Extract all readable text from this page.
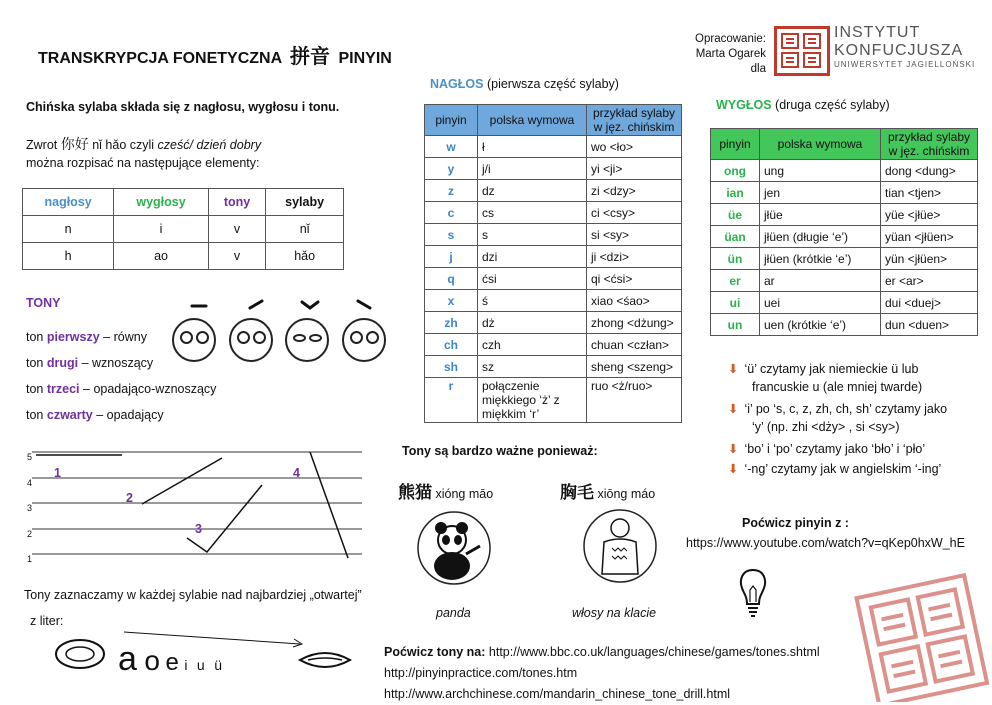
TRANSKRYPCJA FONETYCZNA 拼音 PINYIN
Opracowanie:
Marta Ogarek dla
INSTYTUT
KONFUCJUSZA
UNIWERSYTET JAGIELLOŃSKI
Chińska sylaba składa się z nagłosu, wygłosu i tonu.
Zwrot 你好 nǐ hǎo czyli cześć/ dzień dobry
można rozpisać na następujące elementy:
nagłosy	wygłosy	tony	sylaby
n	i	v	nǐ
h	ao	v	hǎo
TONY
ton pierwszy – równy
ton drugi – wznoszący
ton trzeci – opadająco-wznoszący
ton czwarty – opadający
5
4
3
2
1
1
2
3
4
Tony zaznaczamy w każdej sylabie nad najbardziej „otwartej”
z liter:
a o e i u ü
NAGŁOS (pierwsza część sylaby)
pinyin	polska wymowa	przykład sylaby w jęz. chińskim
w	ł	wo <ło>
y	j/i	yi <ji>
z	dz	zi <dzy>
c	cs	ci <csy>
s	s	si <sy>
j	dzi	ji <dzi>
q	ćsi	qi <ćsi>
x	ś	xiao <śao>
zh	dż	zhong <dżung>
ch	czh	chuan <człan>
sh	sz	sheng <szeng>
r	połączenie miękkiego ‘ż’ z miękkim ‘r’	ruo <ż/ruo>
WYGŁOS (druga część sylaby)
pinyin	polska wymowa	przykład sylaby w jęz. chińskim
ong	ung	dong <dung>
ian	jen	tian <tjen>
üe	jłüe	yüe <jłüe>
üan	jłüen (długie ‘e’)	yüan <jłüen>
ün	jłüen (krótkie ‘e’)	yün <jłüen>
er	ar	er <ar>
ui	uei	dui <duej>
un	uen (krótkie ‘e’)	dun <duen>
⬇ ‘ü’ czytamy jak niemieckie ü lub
francuskie u (ale mniej twarde)
⬇ ‘i’ po ‘s, c, z, zh, ch, sh’ czytamy jako
‘y’ (np. zhi <dży> , si <sy>)
⬇ ‘bo’ i ‘po’ czytamy jako ‘bło’ i ‘pło’
⬇ ‘-ng’ czytamy jak w angielskim ‘-ing’
Tony są bardzo ważne ponieważ:
熊猫 xióng māo	胸毛 xiōng máo
panda	włosy na klacie
Poćwicz pinyin z :
https://www.youtube.com/watch?v=qKep0hxW_hE
Poćwicz tony na: http://www.bbc.co.uk/languages/chinese/games/tones.shtml
http://pinyinpractice.com/tones.htm
http://www.archchinese.com/mandarin_chinese_tone_drill.html
